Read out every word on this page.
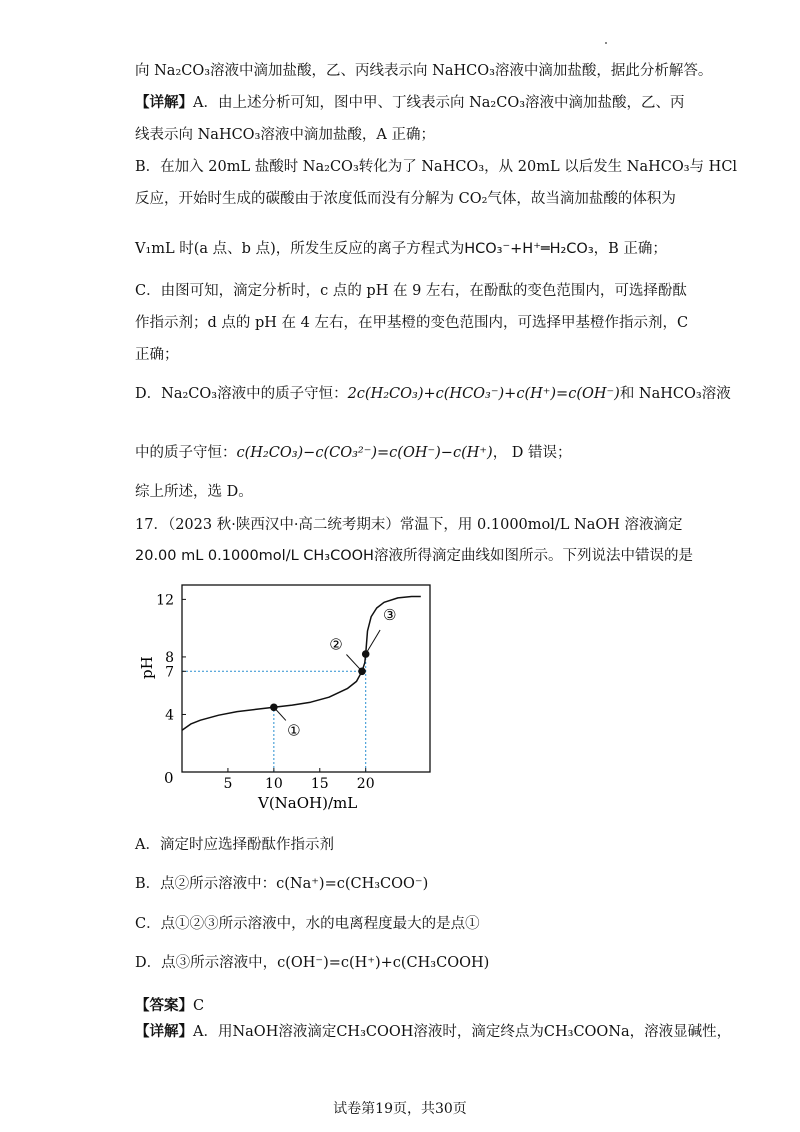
向 Na₂CO₃溶液中滴加盐酸，乙、丙线表示向 NaHCO₃溶液中滴加盐酸，据此分析解答。
【详解】A．由上述分析可知，图中甲、丁线表示向 Na₂CO₃溶液中滴加盐酸，乙、丙
线表示向 NaHCO₃溶液中滴加盐酸，A 正确；
B．在加入 20mL 盐酸时 Na₂CO₃转化为了 NaHCO₃，从 20mL 以后发生 NaHCO₃与 HCl
反应，开始时生成的碳酸由于浓度低而没有分解为 CO₂气体，故当滴加盐酸的体积为
V₁mL 时(a 点、b 点)，所发生反应的离子方程式为HCO₃⁻+H⁺═H₂CO₃，B 正确；
C．由图可知，滴定分析时，c 点的 pH 在 9 左右，在酚酞的变色范围内，可选择酚酞
作指示剂；d 点的 pH 在 4 左右，在甲基橙的变色范围内，可选择甲基橙作指示剂，C
正确；
D．Na₂CO₃溶液中的质子守恒：2c(H₂CO₃)+c(HCO₃⁻)+c(H⁺)=c(OH⁻)和 NaHCO₃溶液
中的质子守恒：c(H₂CO₃)−c(CO₃²⁻)=c(OH⁻)−c(H⁺)， D 错误；
综上所述，选 D。
17．（2023 秋·陕西汉中·高二统考期末）常温下，用 0.1000mol/L NaOH 溶液滴定
20.00 mL 0.1000mol/L CH₃COOH溶液所得滴定曲线如图所示。下列说法中错误的是
5 10 15 20
4
7
8
12
①
②
③
pH
V(NaOH)/mL
0
A．滴定时应选择酚酞作指示剂
B．点②所示溶液中：c(Na⁺)=c(CH₃COO⁻)
C．点①②③所示溶液中，水的电离程度最大的是点①
D．点③所示溶液中，c(OH⁻)=c(H⁺)+c(CH₃COOH)
【答案】C
【详解】A．用NaOH溶液滴定CH₃COOH溶液时，滴定终点为CH₃COONa，溶液显碱性，
试卷第19页，共30页
